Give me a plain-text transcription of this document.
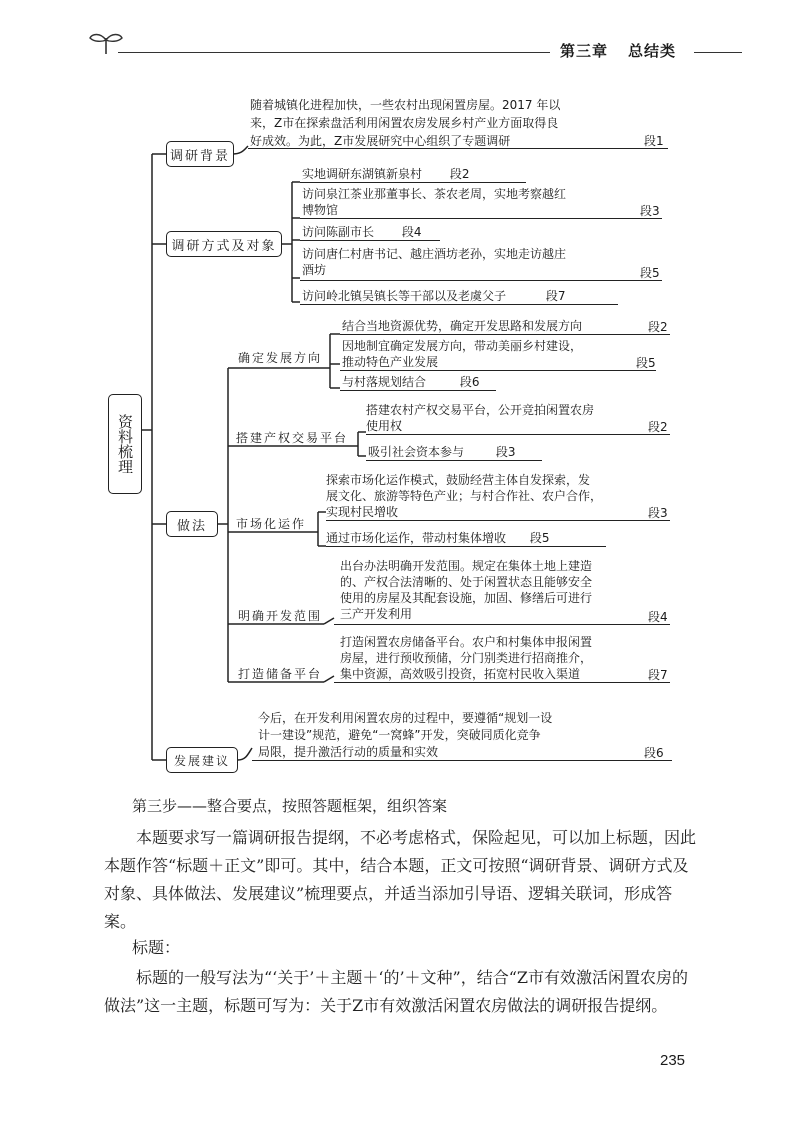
第三章 总结类
资料梳理
调研背景
调研方式及对象
做法
发展建议
随着城镇化进程加快，一些农村出现闲置房屋。2017 年以
来，Z市在探索盘活利用闲置农房发展乡村产业方面取得良
好成效。为此，Z市发展研究中心组织了专题调研	段1
实地调研东湖镇新泉村 段2
访问泉江茶业那董事长、茶农老周，实地考察越红
博物馆	段3
访问陈副市长 段4
访问唐仁村唐书记、越庄酒坊老孙，实地走访越庄
酒坊	段5
访问岭北镇吴镇长等干部以及老虞父子	段7
确定发展方向
搭建产权交易平台
市场化运作
明确开发范围
打造储备平台
结合当地资源优势，确定开发思路和发展方向	段2
因地制宜确定发展方向，带动美丽乡村建设，
推动特色产业发展	段5
与村落规划结合	段6
搭建农村产权交易平台，公开竞拍闲置农房
使用权	段2
吸引社会资本参与	段3
探索市场化运作模式，鼓励经营主体自发探索，发
展文化、旅游等特色产业；与村合作社、农户合作，
实现村民增收	段3
通过市场化运作，带动村集体增收 段5
出台办法明确开发范围。规定在集体土地上建造
的、产权合法清晰的、处于闲置状态且能够安全
使用的房屋及其配套设施，加固、修缮后可进行
三产开发利用	段4
打造闲置农房储备平台。农户和村集体申报闲置
房屋，进行预收预储，分门别类进行招商推介，
集中资源，高效吸引投资，拓宽村民收入渠道	段7
今后，在开发利用闲置农房的过程中，要遵循“规划一设
计一建设”规范，避免“一窝蜂”开发，突破同质化竞争
局限，提升激活行动的质量和实效	段6
第三步——整合要点，按照答题框架，组织答案
本题要求写一篇调研报告提纲，不必考虑格式，保险起见，可以加上标题，因此本题作答“标题＋正文”即可。其中，结合本题，正文可按照“调研背景、调研方式及对象、具体做法、发展建议”梳理要点，并适当添加引导语、逻辑关联词，形成答案。
标题：
标题的一般写法为“‘关于’＋主题＋‘的’＋文种”，结合“Z市有效激活闲置农房的做法”这一主题，标题可写为：关于Z市有效激活闲置农房做法的调研报告提纲。
235
